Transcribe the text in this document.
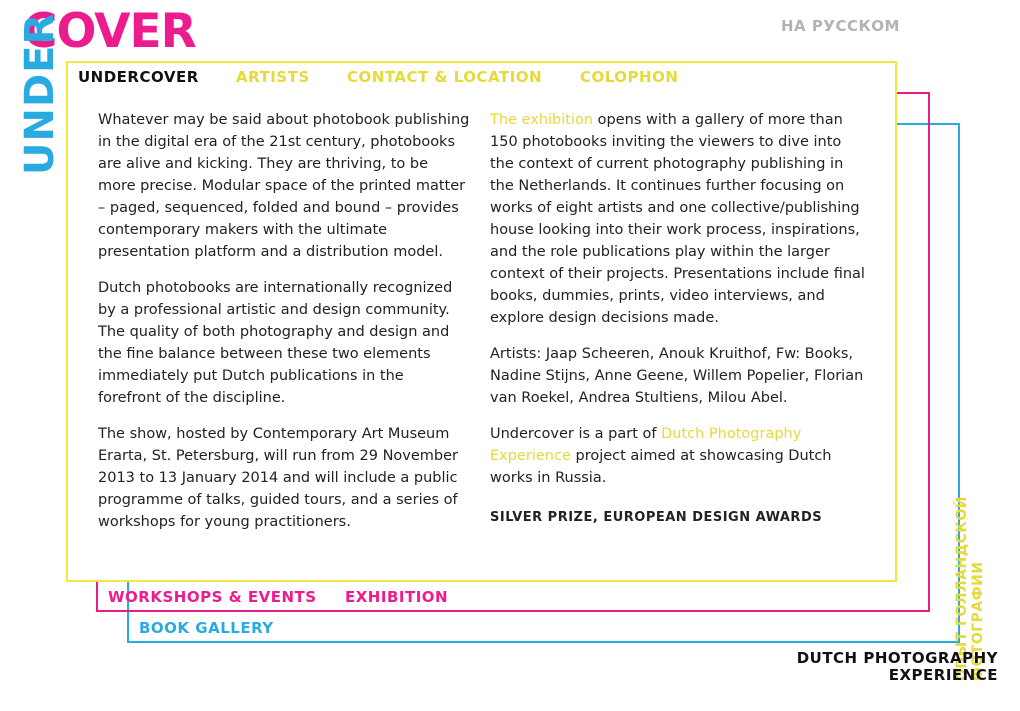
COVER
UNDER	НА РУССКОМ
UNDERCOVER ARTISTS CONTACT & LOCATION	COLOPHON

Whatever may be said about photobook publishing in the digital era of the 21st century, photobooks are alive and kicking. They are thriving, to be more precise. Modular space of the printed matter – paged, sequenced, folded and bound – provides contemporary makers with the ultimate presentation platform and a distribution model.

Dutch photobooks are internationally recognized by a professional artistic and design community. The quality of both photography and design and the fine balance between these two elements immediately put Dutch publications in the forefront of the discipline.

The show, hosted by Contemporary Art Museum Erarta, St. Petersburg, will run from 29 November 2013 to 13 January 2014 and will include a public programme of talks, guided tours, and a series of workshops for young practitioners.

The exhibition opens with a gallery of more than 150 photobooks inviting the viewers to dive into the context of current photography publishing in the Netherlands. It continues further focusing on works of eight artists and one collective/publishing house looking into their work process, inspirations, and the role publications play within the larger context of their projects. Presentations include final books, dummies, prints, video interviews, and explore design decisions made.

Artists: Jaap Scheeren, Anouk Kruithof, Fw: Books, Nadine Stijns, Anne Geene, Willem Popelier, Florian van Roekel, Andrea Stultiens, Milou Abel.

Undercover is a part of Dutch Photography Experience project aimed at showcasing Dutch works in Russia.

SILVER PRIZE, EUROPEAN DESIGN AWARDS
WORKSHOPS & EVENTS EXHIBITION
BOOK GALLERY	ОПЫТ ГОЛЛАНДСКОЙ ФОТОГРАФИИ
DUTCH PHOTOGRAPHY
EXPERIENCE
